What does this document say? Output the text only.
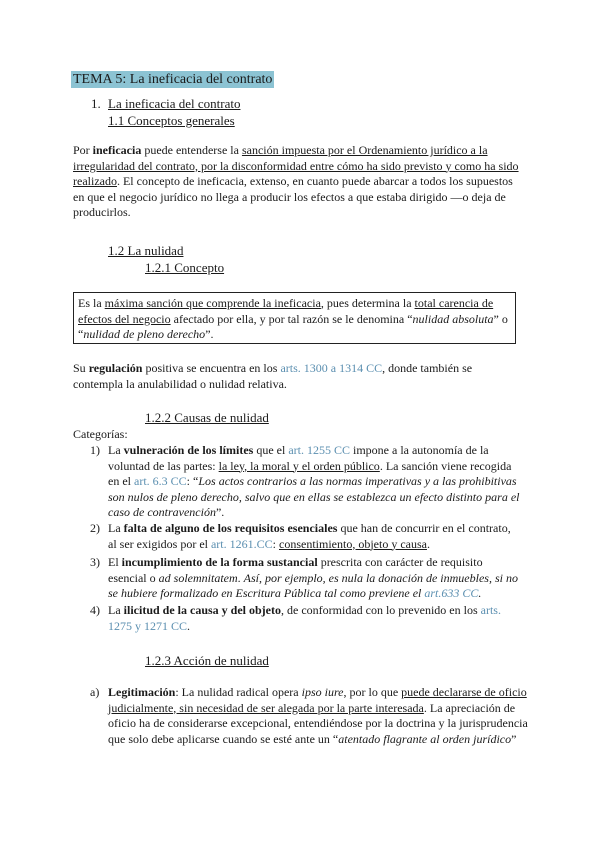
TEMA 5: La ineficacia del contrato
1. La ineficacia del contrato
1.1 Conceptos generales

Por ineficacia puede entenderse la sanción impuesta por el Ordenamiento jurídico a la irregularidad del contrato, por la disconformidad entre cómo ha sido previsto y como ha sido realizado. El concepto de ineficacia, extenso, en cuanto puede abarcar a todos los supuestos en que el negocio jurídico no llega a producir los efectos a que estaba dirigido —o deja de producirlos.

1.2 La nulidad
1.2.1 Concepto
Es la máxima sanción que comprende la ineficacia, pues determina la total carencia de efectos del negocio afectado por ella, y por tal razón se le denomina “nulidad absoluta” o “nulidad de pleno derecho”.

Su regulación positiva se encuentra en los arts. 1300 a 1314 CC, donde también se contempla la anulabilidad o nulidad relativa.

1.2.2 Causas de nulidad
Categorías:
1) La vulneración de los límites que el art. 1255 CC impone a la autonomía de la voluntad de las partes: la ley, la moral y el orden público. La sanción viene recogida en el art. 6.3 CC: “Los actos contrarios a las normas imperativas y a las prohibitivas son nulos de pleno derecho, salvo que en ellas se establezca un efecto distinto para el caso de contravención”.

2) La falta de alguno de los requisitos esenciales que han de concurrir en el contrato, al ser exigidos por el art. 1261.CC: consentimiento, objeto y causa.

3) El incumplimiento de la forma sustancial prescrita con carácter de requisito esencial o ad solemnitatem. Así, por ejemplo, es nula la donación de inmuebles, si no se hubiere formalizado en Escritura Pública tal como previene el art.633 CC.

4) La ilicitud de la causa y del objeto, de conformidad con lo prevenido en los arts. 1275 y 1271 CC.

1.2.3 Acción de nulidad
a) Legitimación: La nulidad radical opera ipso iure, por lo que puede declararse de oficio judicialmente, sin necesidad de ser alegada por la parte interesada. La apreciación de oficio ha de considerarse excepcional, entendiéndose por la doctrina y la jurisprudencia que solo debe aplicarse cuando se esté ante un “atentado flagrante al orden jurídico”
